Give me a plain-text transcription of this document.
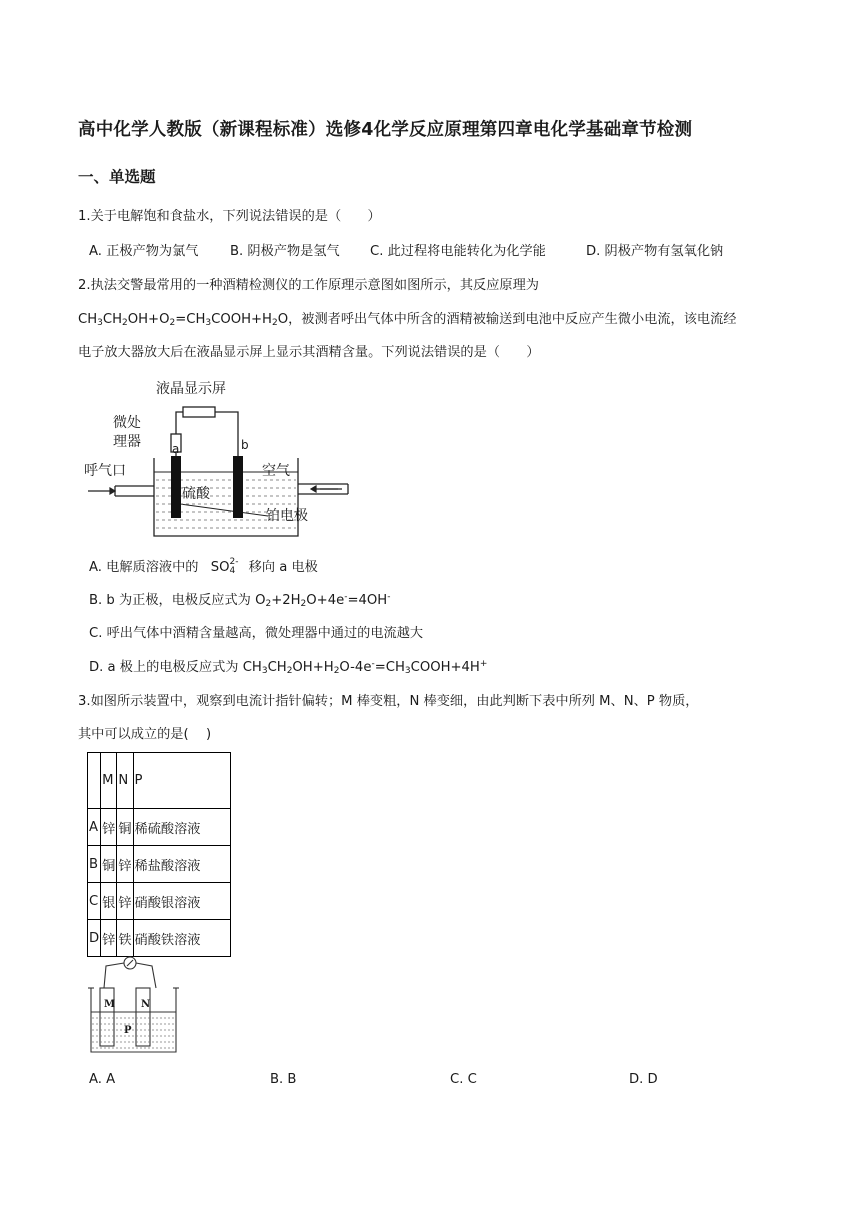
高中化学人教版（新课程标准）选修4化学反应原理第四章电化学基础章节检测
一、单选题
1.关于电解饱和食盐水，下列说法错误的是（　　）
A. 正极产物为氯气 B. 阴极产物是氢气 C. 此过程将电能转化为化学能	D. 阴极产物有氢氧化钠
2.执法交警最常用的一种酒精检测仪的工作原理示意图如图所示，其反应原理为
$CH_3CH_2OH+O_2=CH_3COOH+H_2O$，被测者呼出气体中所含的酒精被输送到电池中反应产生微小电流，该电流经
电子放大器放大后在液晶显示屏上显示其酒精含量。下列说法错误的是（　　）
液晶显示屏
微处
理器	a	b
呼气口	空气
硫酸
铂电极
A. 电解质溶液中的 SO 2-
4 移向 a 电极
B. b 为正极，电极反应式为 $O_2+2H_2O+4e^-=4OH^-$
C. 呼出气体中酒精含量越高，微处理器中通过的电流越大
D. a 极上的电极反应式为 $CH_3CH_2OH+H_2O-4e^-=CH_3COOH+4H^+$
3.如图所示装置中，观察到电流计指针偏转；M 棒变粗，N 棒变细，由此判断下表中所列 M、N、P 物质，
其中可以成立的是(　 )
	M	N	P
A	锌	铜	稀硫酸溶液
B	铜	锌	稀盐酸溶液
C	银	锌	硝酸银溶液
D	锌	铁	硝酸铁溶液
M	N
P
A. A	B. B	C. C	D. D
